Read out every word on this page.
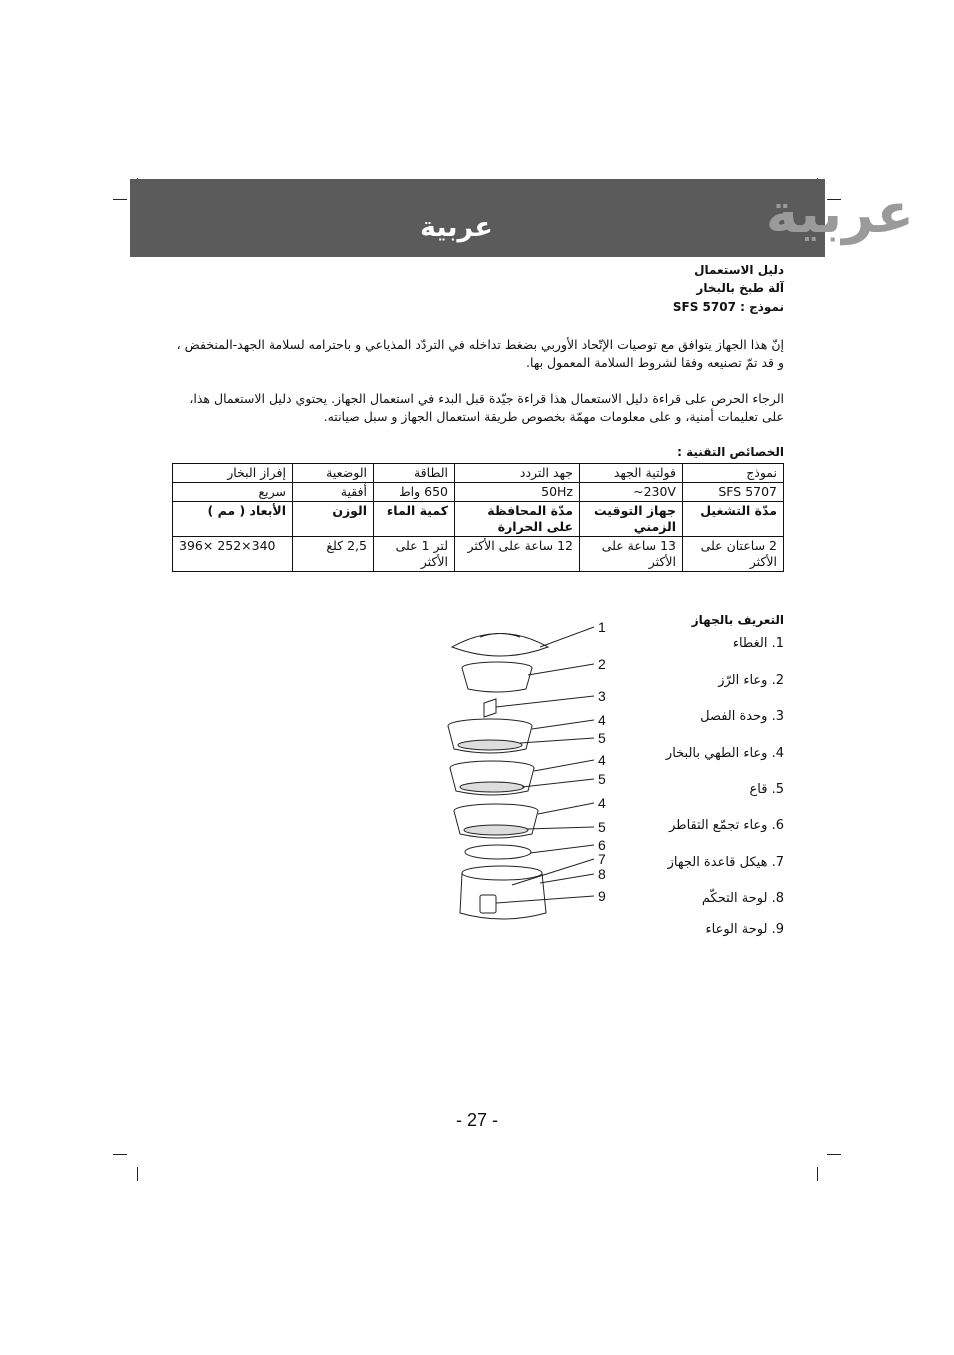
عربية	عربية
دليل الاستعمال
آلة طبخ بالبخار
نموذج : SFS 5707
إنّ هذا الجهاز يتوافق مع توصيات الإتّحاد الأوربي بضغط تداخله في التردّد المذياعي و باحترامه لسلامة الجهد-المنخفض ، و قد تمّ تصنيعه وفقا لشروط السلامة المعمول بها.
الرجاء الحرص على قراءة دليل الاستعمال هذا قراءة جيّدة قبل البدء في استعمال الجهاز. يحتوي دليل الاستعمال هذا، على تعليمات أمنية، و على معلومات مهمّة بخصوص طريقة استعمال الجهاز و سبل صيانته.
الخصائص التقنية :
نموذج	فولتية الجهد	جهد التردد	الطاقة	الوضعية	إفراز البخار
SFS 5707	230V~	50Hz	650 واط	أفقية	سريع
مدّة التشغيل	جهاز التوقيت الزمني	مدّة المحافظة على الحرارة	كمية الماء	الوزن	الأبعاد ( مم )
2 ساعتان على الأكثر	13 ساعة على الأكثر	12 ساعة على الأكثر	لتر 1 على الأكثر	2,5 كلغ	340×252 ×396
التعريف بالجهاز
1. الغطاء
2. وعاء الرّز
3. وحدة الفصل
4. وعاء الطهي بالبخار
5. قاع
6. وعاء تجمّع التقاطر
7. هيكل قاعدة الجهاز
8. لوحة التحكّم
9. لوحة الوعاء
1
2
3
4
5
4
5
4
5
6
7
8
9
- 27 -
